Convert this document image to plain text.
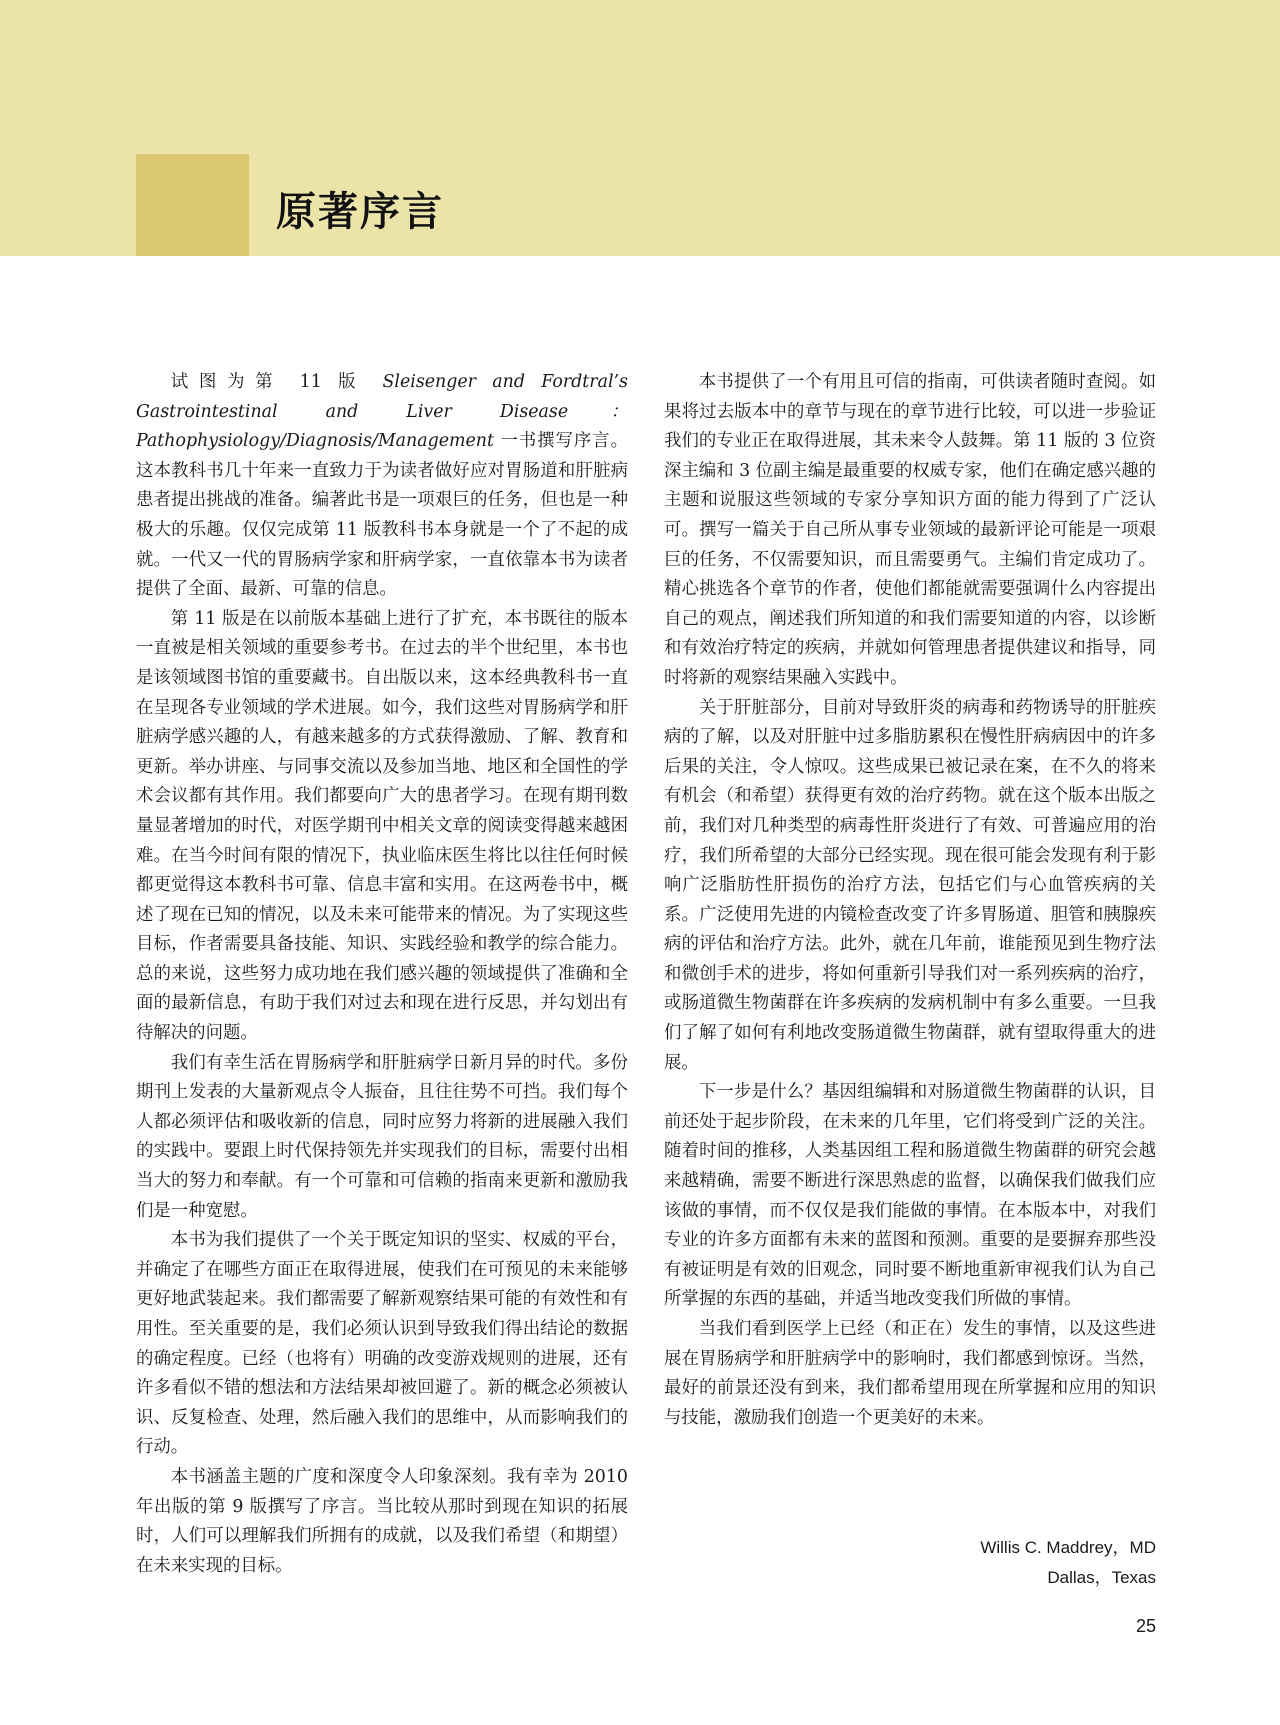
原著序言

试图为第 11 版 Sleisenger and Fordtral’s Gastrointestinal and Liver Disease：Pathophysiology/Diagnosis/Management 一书撰写序言。这本教科书几十年来一直致力于为读者做好应对胃肠道和肝脏病患者提出挑战的准备。编著此书是一项艰巨的任务，但也是一种极大的乐趣。仅仅完成第 11 版教科书本身就是一个了不起的成就。一代又一代的胃肠病学家和肝病学家，一直依靠本书为读者提供了全面、最新、可靠的信息。

第 11 版是在以前版本基础上进行了扩充，本书既往的版本一直被是相关领域的重要参考书。在过去的半个世纪里，本书也是该领域图书馆的重要藏书。自出版以来，这本经典教科书一直在呈现各专业领域的学术进展。如今，我们这些对胃肠病学和肝脏病学感兴趣的人，有越来越多的方式获得激励、了解、教育和更新。举办讲座、与同事交流以及参加当地、地区和全国性的学术会议都有其作用。我们都要向广大的患者学习。在现有期刊数量显著增加的时代，对医学期刊中相关文章的阅读变得越来越困难。在当今时间有限的情况下，执业临床医生将比以往任何时候都更觉得这本教科书可靠、信息丰富和实用。在这两卷书中，概述了现在已知的情况，以及未来可能带来的情况。为了实现这些目标，作者需要具备技能、知识、实践经验和教学的综合能力。总的来说，这些努力成功地在我们感兴趣的领域提供了准确和全面的最新信息，有助于我们对过去和现在进行反思，并勾划出有待解决的问题。

我们有幸生活在胃肠病学和肝脏病学日新月异的时代。多份期刊上发表的大量新观点令人振奋，且往往势不可挡。我们每个人都必须评估和吸收新的信息，同时应努力将新的进展融入我们的实践中。要跟上时代保持领先并实现我们的目标，需要付出相当大的努力和奉献。有一个可靠和可信赖的指南来更新和激励我们是一种宽慰。

本书为我们提供了一个关于既定知识的坚实、权威的平台，并确定了在哪些方面正在取得进展，使我们在可预见的未来能够更好地武装起来。我们都需要了解新观察结果可能的有效性和有用性。至关重要的是，我们必须认识到导致我们得出结论的数据的确定程度。已经（也将有）明确的改变游戏规则的进展，还有许多看似不错的想法和方法结果却被回避了。新的概念必须被认识、反复检查、处理，然后融入我们的思维中，从而影响我们的行动。

本书涵盖主题的广度和深度令人印象深刻。我有幸为 2010 年出版的第 9 版撰写了序言。当比较从那时到现在知识的拓展时，人们可以理解我们所拥有的成就，以及我们希望（和期望）在未来实现的目标。

本书提供了一个有用且可信的指南，可供读者随时查阅。如果将过去版本中的章节与现在的章节进行比较，可以进一步验证我们的专业正在取得进展，其未来令人鼓舞。第 11 版的 3 位资深主编和 3 位副主编是最重要的权威专家，他们在确定感兴趣的主题和说服这些领域的专家分享知识方面的能力得到了广泛认可。撰写一篇关于自己所从事专业领域的最新评论可能是一项艰巨的任务，不仅需要知识，而且需要勇气。主编们肯定成功了。精心挑选各个章节的作者，使他们都能就需要强调什么内容提出自己的观点，阐述我们所知道的和我们需要知道的内容，以诊断和有效治疗特定的疾病，并就如何管理患者提供建议和指导，同时将新的观察结果融入实践中。

关于肝脏部分，目前对导致肝炎的病毒和药物诱导的肝脏疾病的了解，以及对肝脏中过多脂肪累积在慢性肝病病因中的许多后果的关注，令人惊叹。这些成果已被记录在案，在不久的将来有机会（和希望）获得更有效的治疗药物。就在这个版本出版之前，我们对几种类型的病毒性肝炎进行了有效、可普遍应用的治疗，我们所希望的大部分已经实现。现在很可能会发现有利于影响广泛脂肪性肝损伤的治疗方法，包括它们与心血管疾病的关系。广泛使用先进的内镜检查改变了许多胃肠道、胆管和胰腺疾病的评估和治疗方法。此外，就在几年前，谁能预见到生物疗法和微创手术的进步，将如何重新引导我们对一系列疾病的治疗，或肠道微生物菌群在许多疾病的发病机制中有多么重要。一旦我们了解了如何有利地改变肠道微生物菌群，就有望取得重大的进展。

下一步是什么？基因组编辑和对肠道微生物菌群的认识，目前还处于起步阶段，在未来的几年里，它们将受到广泛的关注。随着时间的推移，人类基因组工程和肠道微生物菌群的研究会越来越精确，需要不断进行深思熟虑的监督，以确保我们做我们应该做的事情，而不仅仅是我们能做的事情。在本版本中，对我们专业的许多方面都有未来的蓝图和预测。重要的是要摒弃那些没有被证明是有效的旧观念，同时要不断地重新审视我们认为自己所掌握的东西的基础，并适当地改变我们所做的事情。

当我们看到医学上已经（和正在）发生的事情，以及这些进展在胃肠病学和肝脏病学中的影响时，我们都感到惊讶。当然，最好的前景还没有到来，我们都希望用现在所掌握和应用的知识与技能，激励我们创造一个更美好的未来。

Willis C. Maddrey，MD
Dallas，Texas
25
